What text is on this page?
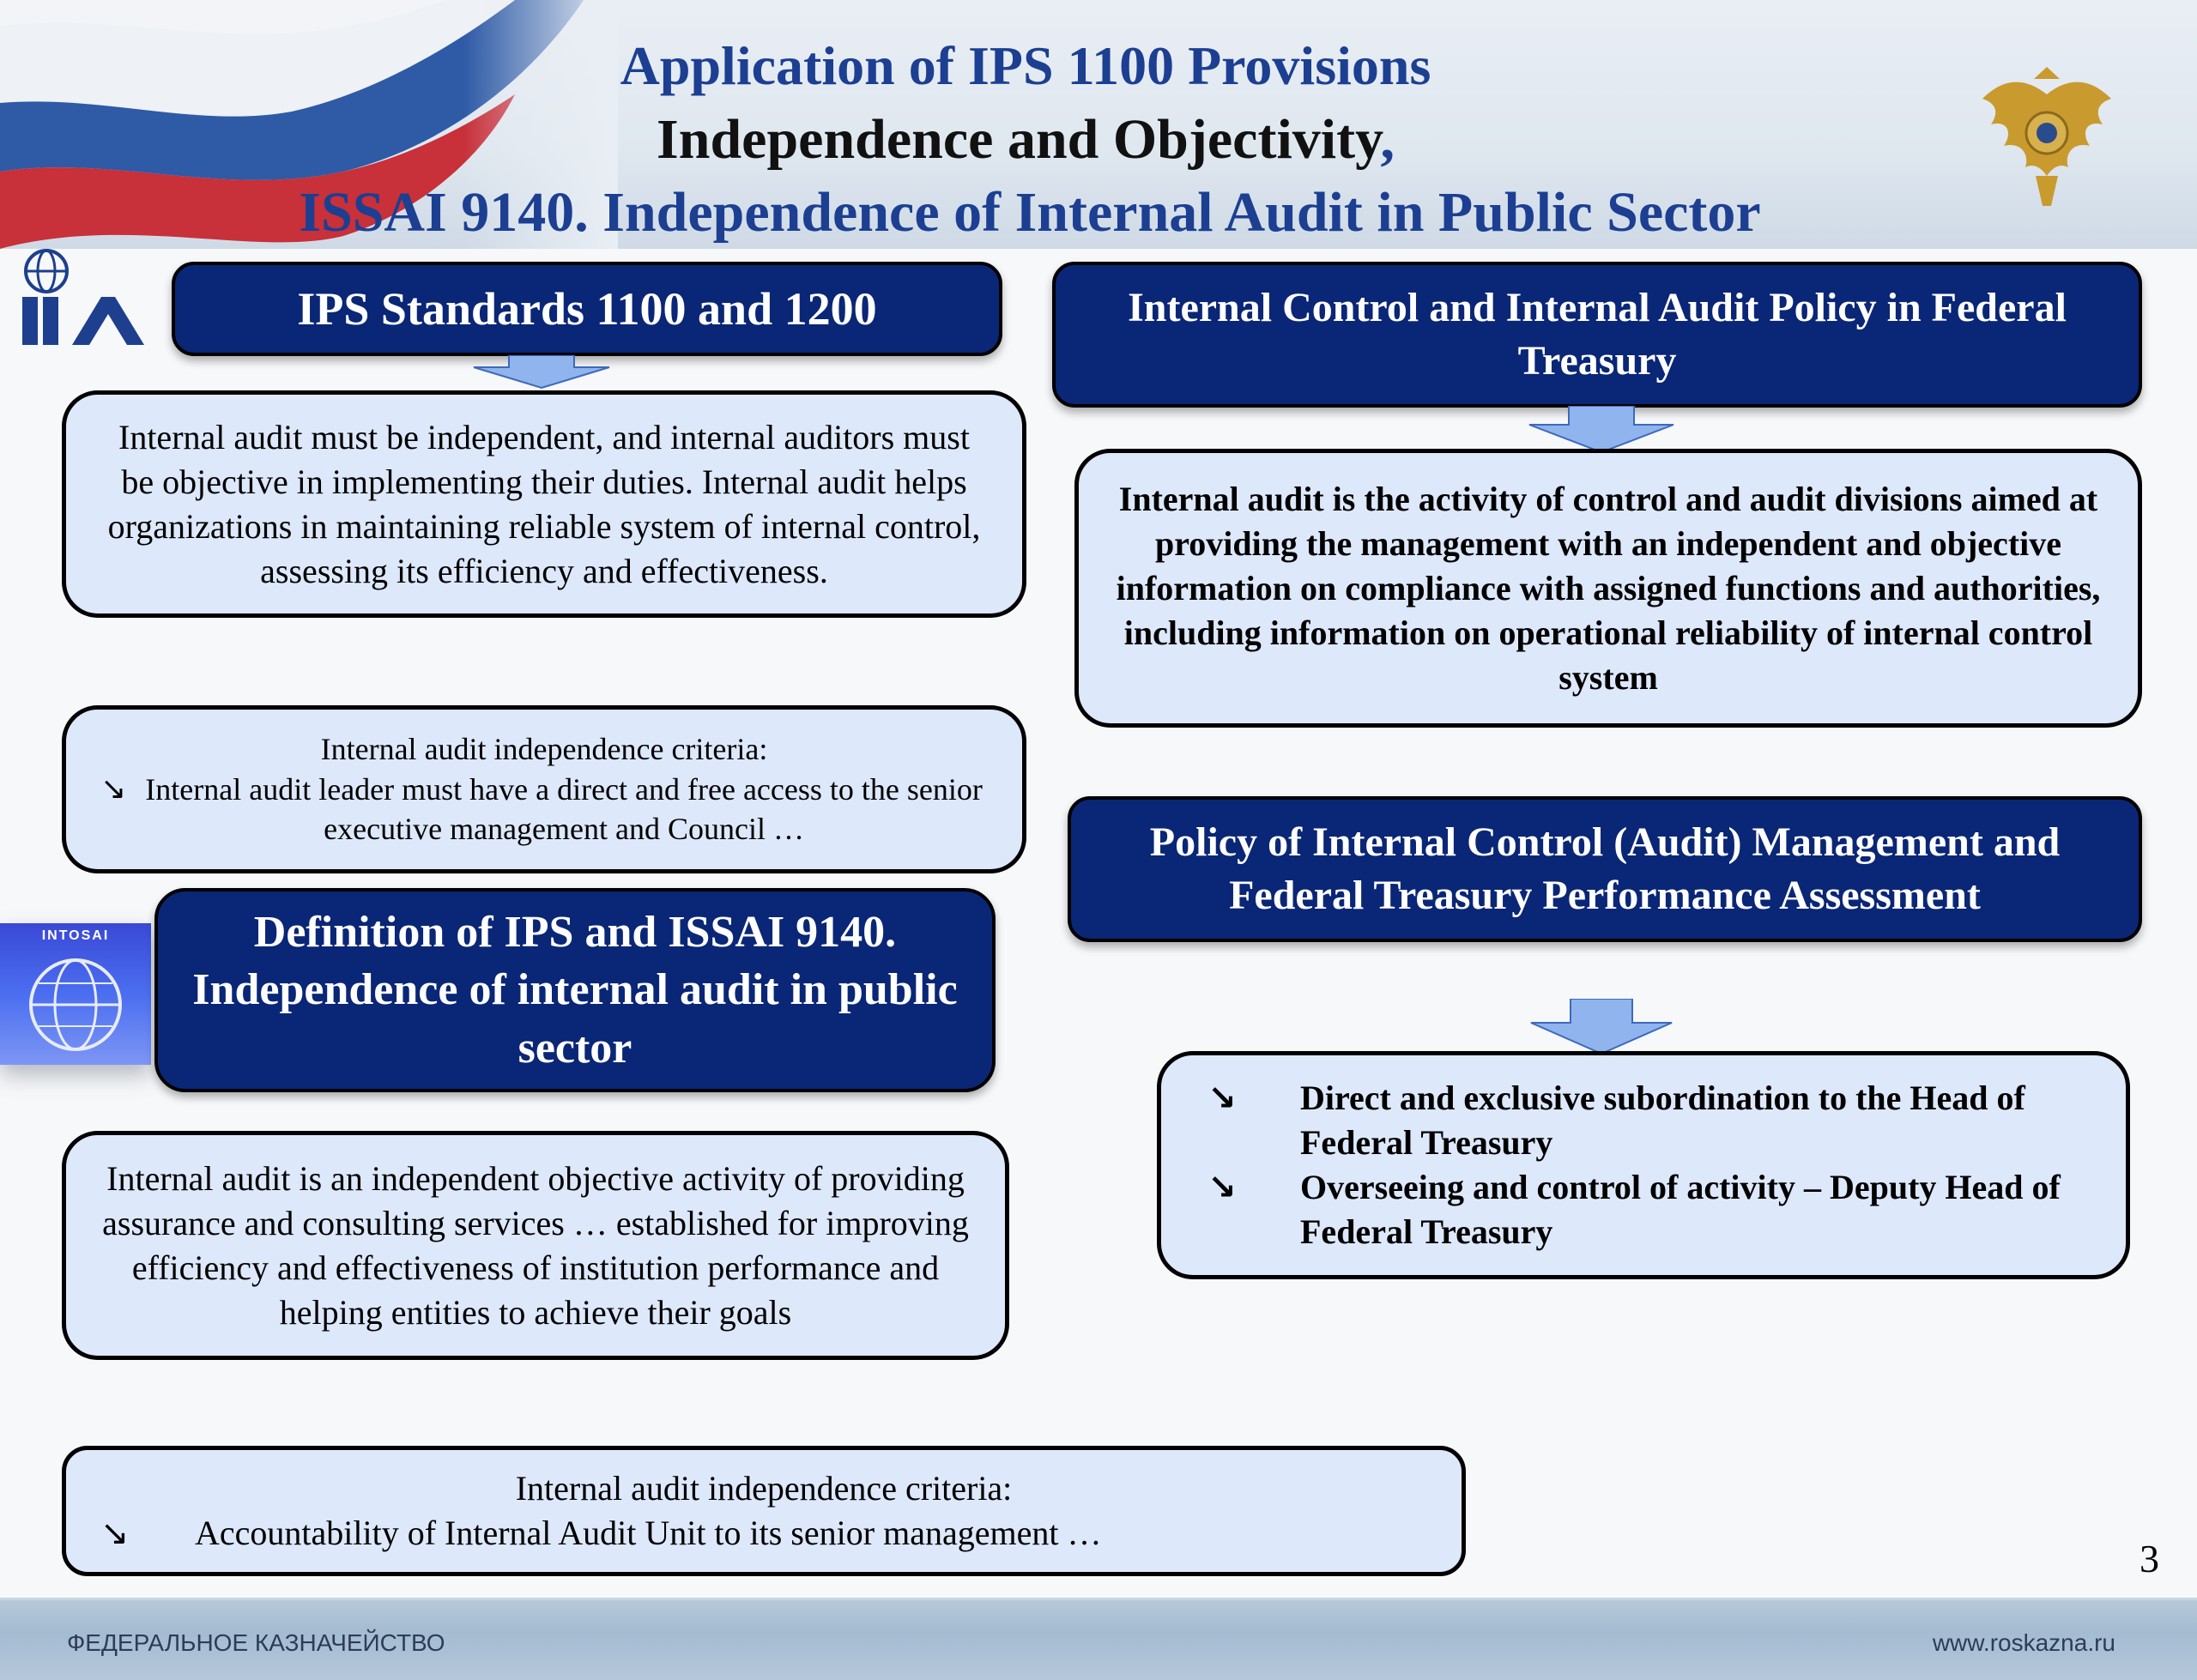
Application of IPS 1100 Provisions
Independence and Objectivity,
ISSAI 9140. Independence of Internal Audit in Public Sector
INTOSAI
IPS Standards 1100 and 1200
Internal audit must be independent, and internal auditors must be objective in implementing their duties. Internal audit helps organizations in maintaining reliable system of internal control, assessing its efficiency and effectiveness.
Internal audit independence criteria:
↘ Internal audit leader must have a direct and free access to the senior executive management and Council …
Definition of IPS and ISSAI 9140. Independence of internal audit in public sector
Internal audit is an independent objective activity of providing assurance and consulting services … established for improving efficiency and effectiveness of institution performance and helping entities to achieve their goals
Internal audit independence criteria:
↘	Accountability of Internal Audit Unit to its senior management …
Internal Control and Internal Audit Policy in Federal Treasury
Internal audit is the activity of control and audit divisions aimed at providing the management with an independent and objective information on compliance with assigned functions and authorities, including information on operational reliability of internal control system
Policy of Internal Control (Audit) Management and Federal Treasury Performance Assessment
↘	Direct and exclusive subordination to the Head of Federal Treasury
↘	Overseeing and control of activity – Deputy Head of Federal Treasury
3
ФЕДЕРАЛЬНОЕ КАЗНАЧЕЙСТВО	www.roskazna.ru
